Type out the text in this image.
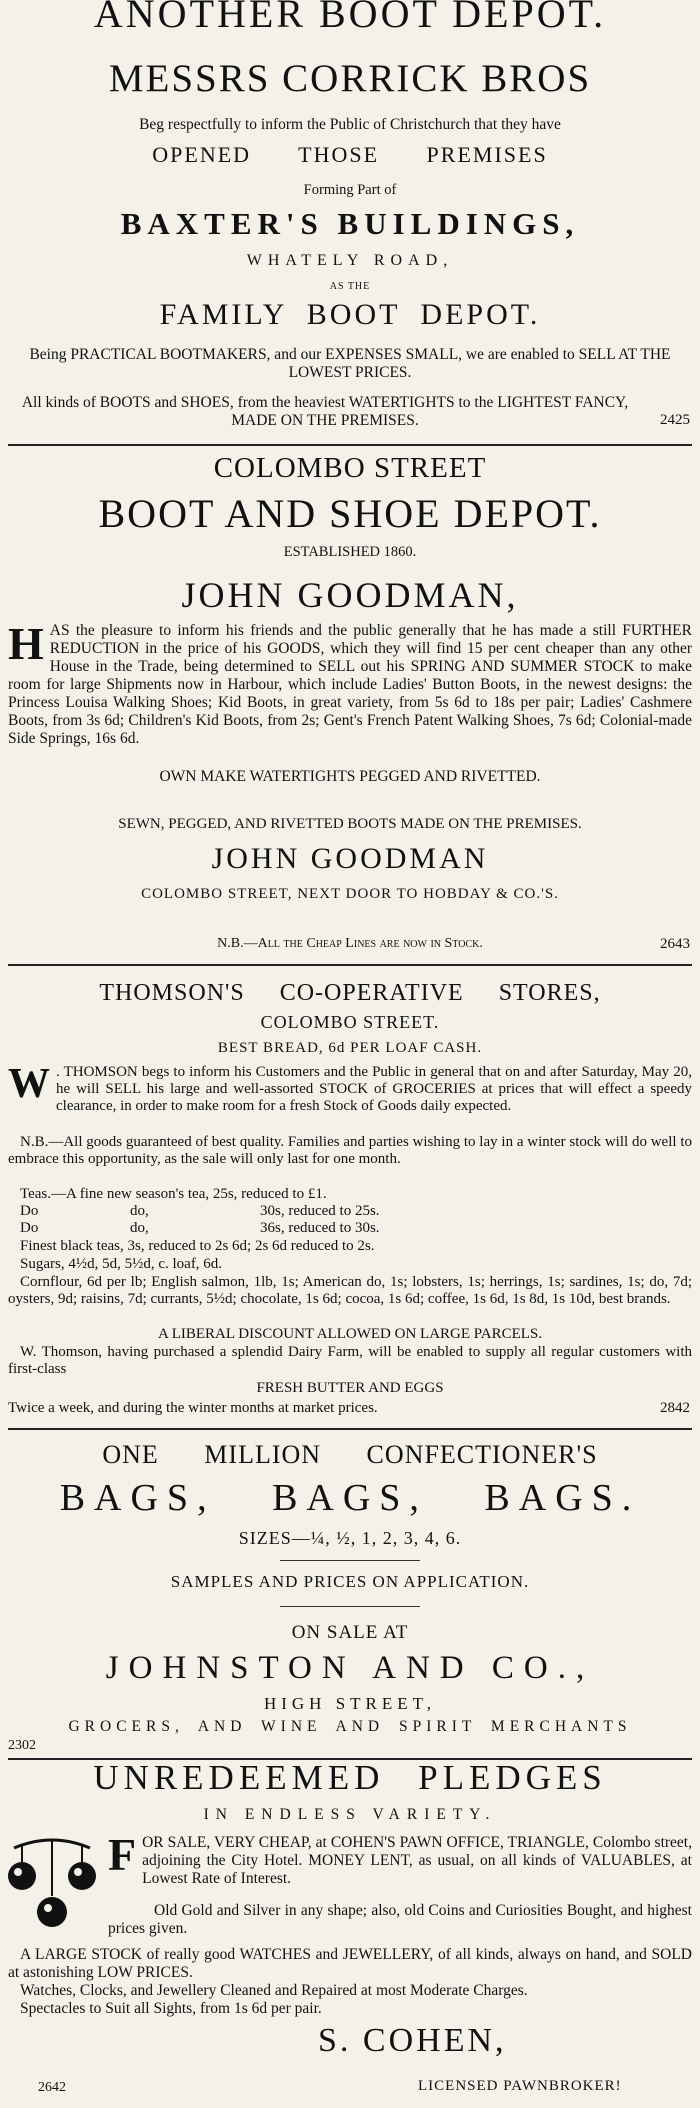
ANOTHER BOOT DEPOT.
MESSRS CORRICK BROS
Beg respectfully to inform the Public of Christchurch that they have
OPENED THOSE PREMISES
Forming Part of
BAXTER'S BUILDINGS,
WHATELY ROAD,
AS THE
FAMILY BOOT DEPOT.
Being PRACTICAL BOOTMAKERS, and our EXPENSES SMALL, we are enabled to SELL AT THE LOWEST PRICES.
All kinds of BOOTS and SHOES, from the heaviest WATERTIGHTS to the LIGHTEST FANCY, MADE ON THE PREMISES.	2425
COLOMBO STREET
BOOT AND SHOE DEPOT.
ESTABLISHED 1860.
JOHN GOODMAN,
HAS the pleasure to inform his friends and the public generally that he has made a still FURTHER REDUCTION in the price of his GOODS, which they will find 15 per cent cheaper than any other House in the Trade, being determined to SELL out his SPRING AND SUMMER STOCK to make room for large Shipments now in Harbour, which include Ladies' Button Boots, in the newest designs: the Princess Louisa Walking Shoes; Kid Boots, in great variety, from 5s 6d to 18s per pair; Ladies' Cashmere Boots, from 3s 6d; Children's Kid Boots, from 2s; Gent's French Patent Walking Shoes, 7s 6d; Colonial-made Side Springs, 16s 6d.
OWN MAKE WATERTIGHTS PEGGED AND RIVETTED.
SEWN, PEGGED, AND RIVETTED BOOTS MADE ON THE PREMISES.
JOHN GOODMAN
COLOMBO STREET, NEXT DOOR TO HOBDAY & CO.'S.
N.B.—All the Cheap Lines are now in Stock.	2643
THOMSON'S CO-OPERATIVE STORES,
COLOMBO STREET.
BEST BREAD, 6d PER LOAF CASH.
W . THOMSON begs to inform his Customers and the Public in general that on and after Saturday, May 20, he will SELL his large and well-assorted STOCK of GROCERIES at prices that will effect a speedy clearance, in order to make room for a fresh Stock of Goods daily expected.
N.B.—All goods guaranteed of best quality. Families and parties wishing to lay in a winter stock will do well to embrace this opportunity, as the sale will only last for one month.
Teas.—A fine new season's tea, 25s, reduced to £1.
Do	do,	30s, reduced to 25s.
Do	do,	36s, reduced to 30s.
Finest black teas, 3s, reduced to 2s 6d; 2s 6d reduced to 2s.
Sugars, 4½d, 5d, 5½d, c. loaf, 6d.
Cornflour, 6d per lb; English salmon, 1lb, 1s; American do, 1s; lobsters, 1s; herrings, 1s; sardines, 1s; do, 7d; oysters, 9d; raisins, 7d; currants, 5½d; chocolate, 1s 6d; cocoa, 1s 6d; coffee, 1s 6d, 1s 8d, 1s 10d, best brands.
A LIBERAL DISCOUNT ALLOWED ON LARGE PARCELS.
W. Thomson, having purchased a splendid Dairy Farm, will be enabled to supply all regular customers with first-class
FRESH BUTTER AND EGGS
Twice a week, and during the winter months at market prices.	2842
ONE MILLION CONFECTIONER'S
BAGS, BAGS, BAGS.
SIZES—¼, ½, 1, 2, 3, 4, 6.
SAMPLES AND PRICES ON APPLICATION.
ON SALE AT
JOHNSTON AND CO.,
HIGH STREET,
GROCERS, AND WINE AND SPIRIT MERCHANTS
2302
UNREDEEMED PLEDGES
IN ENDLESS VARIETY.
FOR SALE, VERY CHEAP, at COHEN'S PAWN OFFICE, TRIANGLE, Colombo street, adjoining the City Hotel. MONEY LENT, as usual, on all kinds of VALUABLES, at Lowest Rate of Interest.
Old Gold and Silver in any shape; also, old Coins and Curiosities Bought, and highest prices given.
A LARGE STOCK of really good WATCHES and JEWELLERY, of all kinds, always on hand, and SOLD at astonishing LOW PRICES.
Watches, Clocks, and Jewellery Cleaned and Repaired at most Moderate Charges.
Spectacles to Suit all Sights, from 1s 6d per pair.
S. COHEN,
2642	LICENSED PAWNBROKER!
